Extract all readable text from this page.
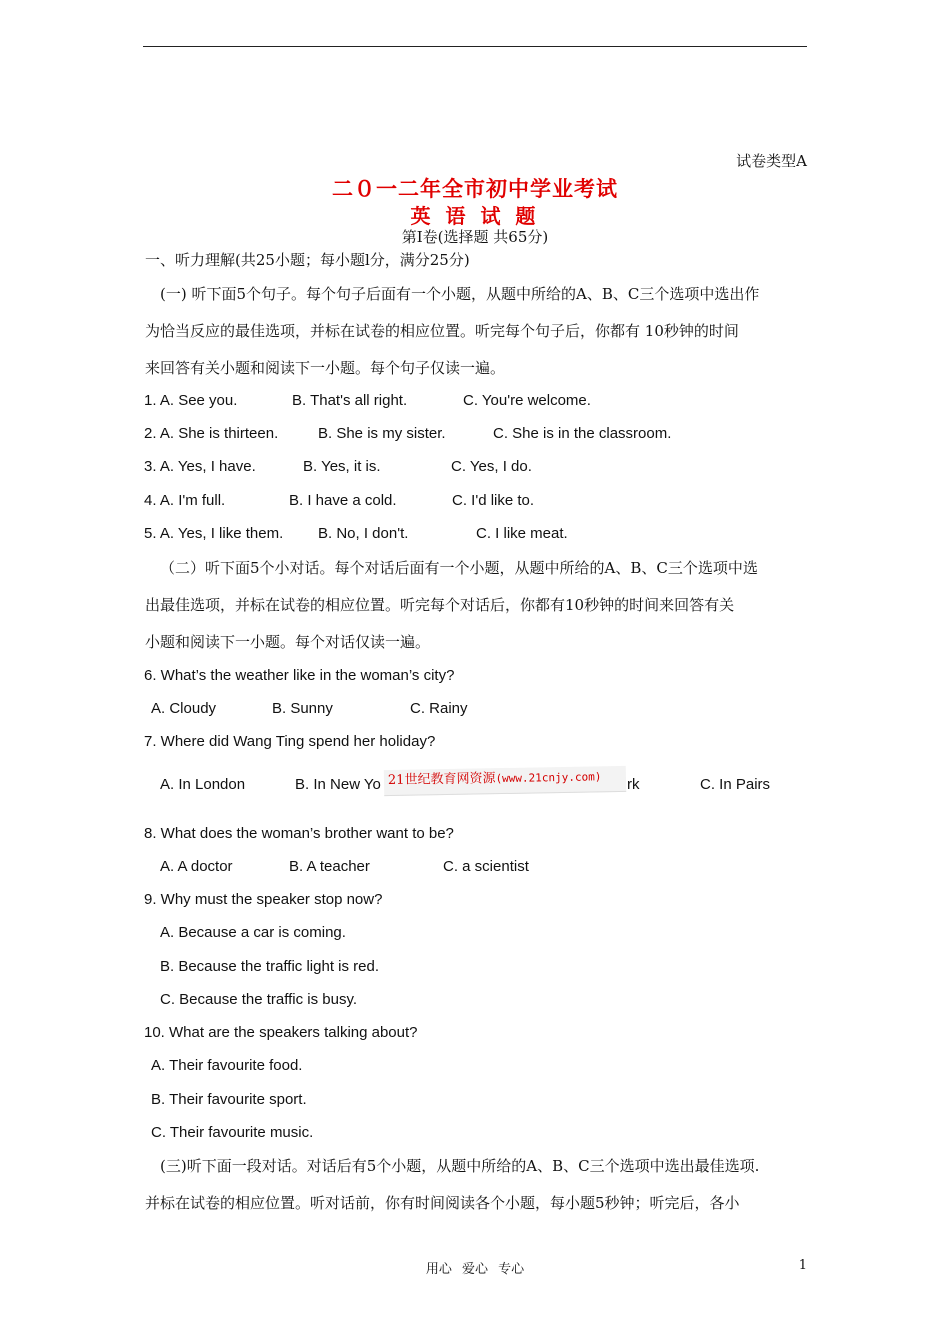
试卷类型A
二０一二年全市初中学业考试
英 语 试 题
第Ⅰ卷(选择题 共65分)
一、听力理解(共25小题；每小题l分，满分25分)
(一) 听下面5个句子。每个句子后面有一个小题，从题中所给的A、B、C三个选项中选出作
为恰当反应的最佳选项，并标在试卷的相应位置。听完每个句子后，你都有 10秒钟的时间
来回答有关小题和阅读下一小题。每个句子仅读一遍。
1. A. See you.	B. That's all right.	C. You're welcome.
2. A. She is thirteen.	B. She is my sister.	C. She is in the classroom.
3. A. Yes, I have.	B. Yes, it is.	C. Yes, I do.
4. A. I'm full.	B. I have a cold.	C. I'd like to.
5. A. Yes, I like them. B. No, I don't.	C. I like meat.
（二）听下面5个小对话。每个对话后面有一个小题，从题中所给的A、B、C三个选项中选
出最佳选项，并标在试卷的相应位置。听完每个对话后，你都有10秒钟的时间来回答有关
小题和阅读下一小题。每个对话仅读一遍。
6. What’s the weather like in the woman’s city?
A. Cloudy	B. Sunny	C. Rainy
7. Where did Wang Ting spend her holiday?
A. In London	B. In New Yo	rk	C. In Pairs
21世纪教育网资源(www.21cnjy.com)
8. What does the woman’s brother want to be?
A. A doctor	B. A teacher	C. a scientist
9. Why must the speaker stop now?
A. Because a car is coming.
B. Because the traffic light is red.
C. Because the traffic is busy.
10. What are the speakers talking about?
A. Their favourite food.
B. Their favourite sport.
C. Their favourite music.
(三)听下面一段对话。对话后有5个小题，从题中所给的A、B、C三个选项中选出最佳选项.
并标在试卷的相应位置。听对话前，你有时间阅读各个小题，每小题5秒钟；听完后，各小
用心 爱心 专心	1
